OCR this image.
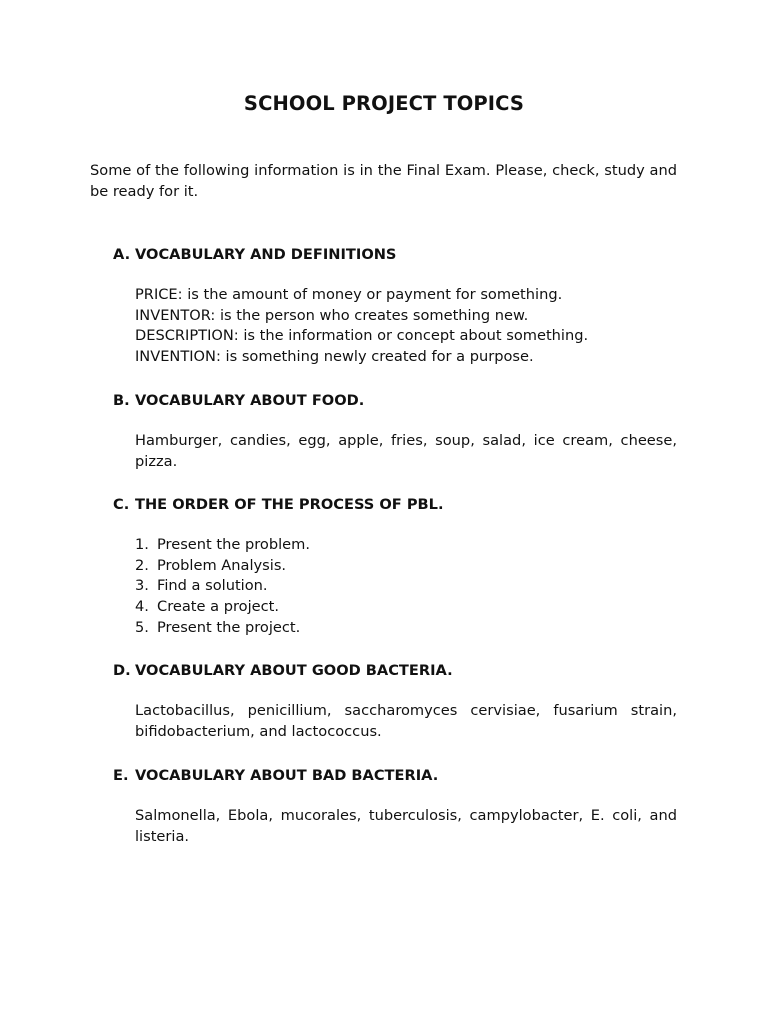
SCHOOL PROJECT TOPICS

Some of the following information is in the Final Exam. Please, check, study and be ready for it.

A. VOCABULARY AND DEFINITIONS
PRICE: is the amount of money or payment for something.
INVENTOR: is the person who creates something new.
DESCRIPTION: is the information or concept about something.
INVENTION: is something newly created for a purpose.
B. VOCABULARY ABOUT FOOD.
Hamburger, candies, egg, apple, fries, soup, salad, ice cream, cheese, pizza.
C. THE ORDER OF THE PROCESS OF PBL.
1. Present the problem.
2. Problem Analysis.
3. Find a solution.
4. Create a project.
5. Present the project.
D. VOCABULARY ABOUT GOOD BACTERIA.
Lactobacillus, penicillium, saccharomyces cervisiae, fusarium strain, bifidobacterium, and lactococcus.
E. VOCABULARY ABOUT BAD BACTERIA.
Salmonella, Ebola, mucorales, tuberculosis, campylobacter, E. coli, and listeria.
